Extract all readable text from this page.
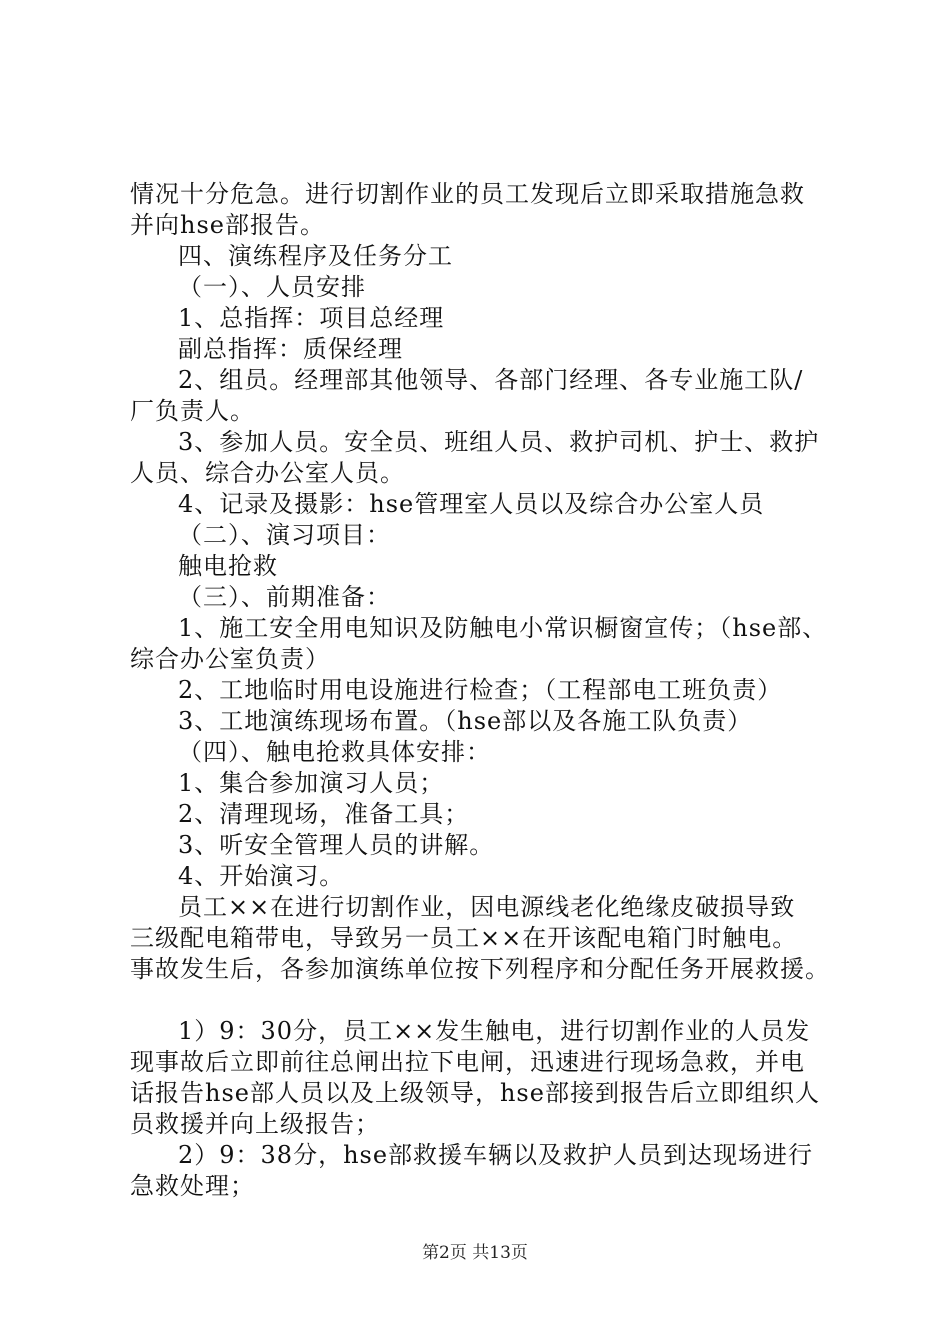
情况十分危急。进行切割作业的员工发现后立即采取措施急救
并向hse部报告。
四、演练程序及任务分工
（一）、人员安排
1、总指挥：项目总经理
副总指挥：质保经理
2、组员。经理部其他领导、各部门经理、各专业施工队/
厂负责人。
3、参加人员。安全员、班组人员、救护司机、护士、救护
人员、综合办公室人员。
4、记录及摄影：hse管理室人员以及综合办公室人员
（二）、演习项目：
触电抢救
（三）、前期准备：
1、施工安全用电知识及防触电小常识橱窗宣传；（hse部、
综合办公室负责）
2、工地临时用电设施进行检查；（工程部电工班负责）
3、工地演练现场布置。（hse部以及各施工队负责）
（四）、触电抢救具体安排：
1、集合参加演习人员；
2、清理现场，准备工具；
3、听安全管理人员的讲解。
4、开始演习。
员工××在进行切割作业，因电源线老化绝缘皮破损导致
三级配电箱带电，导致另一员工××在开该配电箱门时触电。
事故发生后，各参加演练单位按下列程序和分配任务开展救援。
1）9：30分，员工××发生触电，进行切割作业的人员发
现事故后立即前往总闸出拉下电闸，迅速进行现场急救，并电
话报告hse部人员以及上级领导，hse部接到报告后立即组织人
员救援并向上级报告；
2）9：38分，hse部救援车辆以及救护人员到达现场进行
急救处理；
第2页 共13页
